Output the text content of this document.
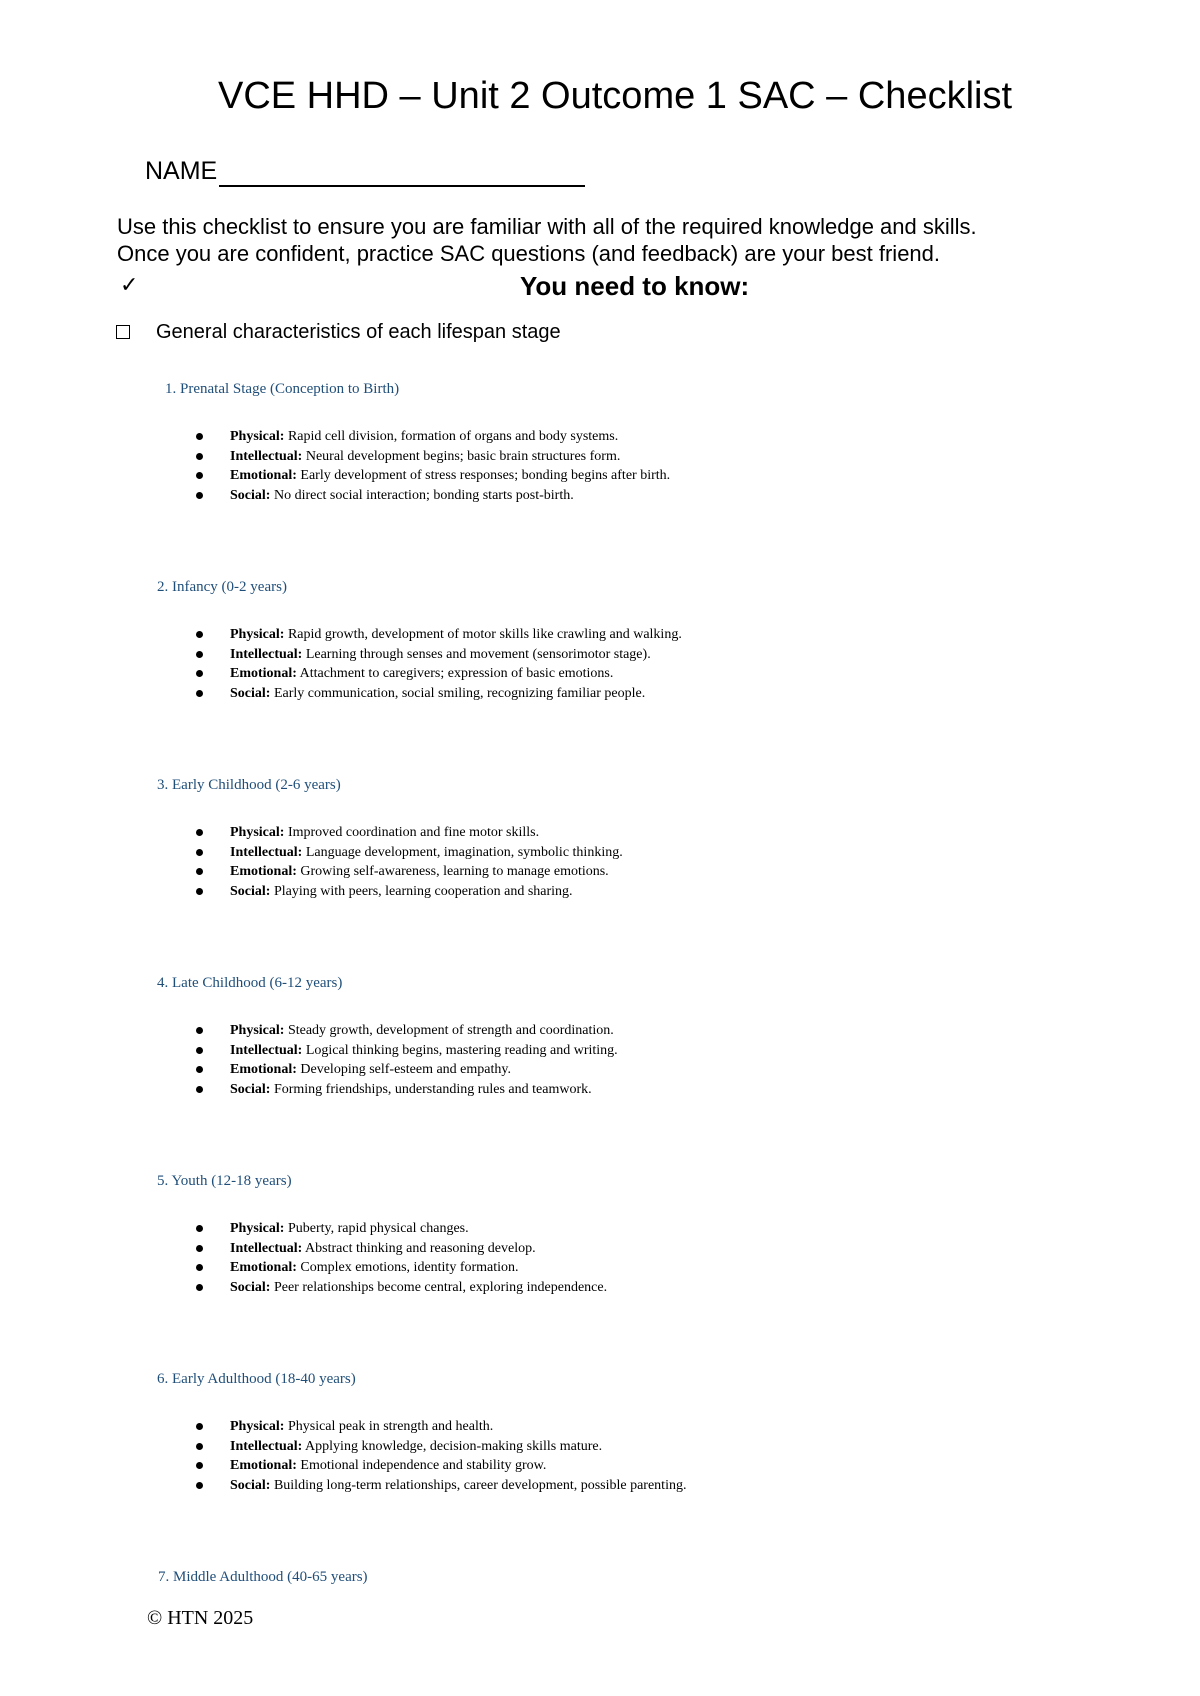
VCE HHD – Unit 2 Outcome 1 SAC – Checklist
NAME

Use this checklist to ensure you are familiar with all of the required knowledge and skills.

Once you are confident, practice SAC questions (and feedback) are your best friend.

✓	You need to know:
General characteristics of each lifespan stage

1. Prenatal Stage (Conception to Birth)

Physical: Rapid cell division, formation of organs and body systems.
Intellectual: Neural development begins; basic brain structures form.
Emotional: Early development of stress responses; bonding begins after birth.
Social: No direct social interaction; bonding starts post-birth.

2. Infancy (0-2 years)

Physical: Rapid growth, development of motor skills like crawling and walking.
Intellectual: Learning through senses and movement (sensorimotor stage).
Emotional: Attachment to caregivers; expression of basic emotions.
Social: Early communication, social smiling, recognizing familiar people.

3. Early Childhood (2-6 years)

Physical: Improved coordination and fine motor skills.
Intellectual: Language development, imagination, symbolic thinking.
Emotional: Growing self-awareness, learning to manage emotions.
Social: Playing with peers, learning cooperation and sharing.

4. Late Childhood (6-12 years)

Physical: Steady growth, development of strength and coordination.
Intellectual: Logical thinking begins, mastering reading and writing.
Emotional: Developing self-esteem and empathy.
Social: Forming friendships, understanding rules and teamwork.

5. Youth (12-18 years)

Physical: Puberty, rapid physical changes.
Intellectual: Abstract thinking and reasoning develop.
Emotional: Complex emotions, identity formation.
Social: Peer relationships become central, exploring independence.

6. Early Adulthood (18-40 years)

Physical: Physical peak in strength and health.
Intellectual: Applying knowledge, decision-making skills mature.
Emotional: Emotional independence and stability grow.
Social: Building long-term relationships, career development, possible parenting.

7. Middle Adulthood (40-65 years)

© HTN 2025
